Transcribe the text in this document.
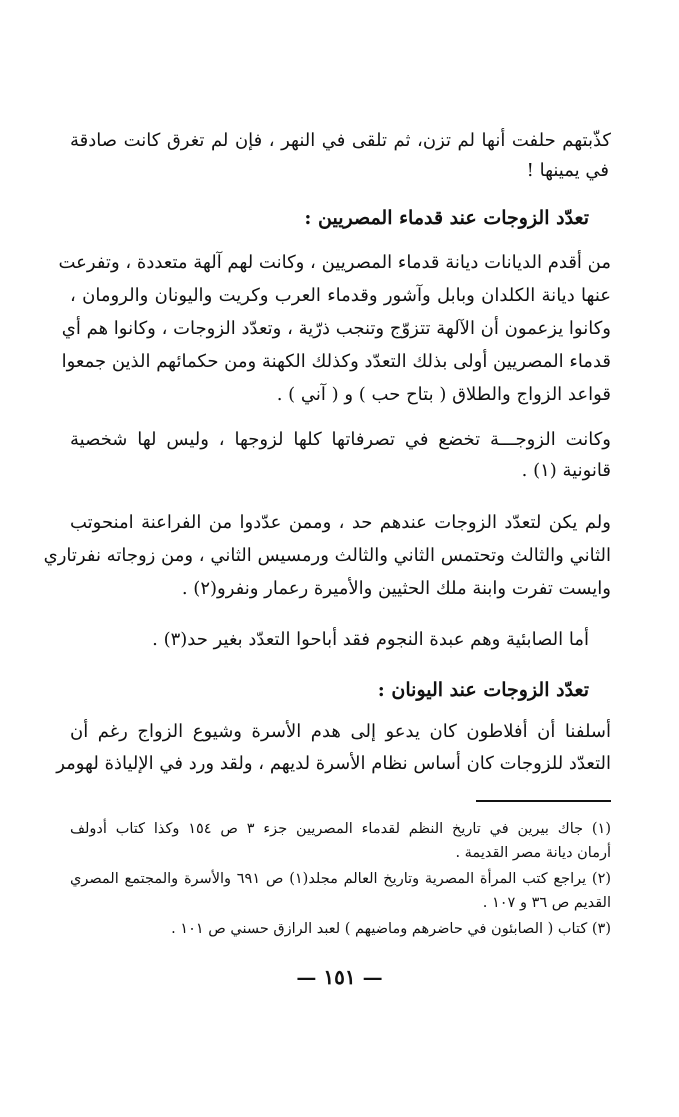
كذّبتهم حلفت أنها لم تزن، ثم تلقى في النهر ، فإن لم تغرق كانت صادقة
في يمينها !
تعدّد الزوجات عند قدماء المصريين :
من أقدم الديانات ديانة قدماء المصريين ، وكانت لهم آلهة متعددة ، وتفرعت
عنها ديانة الكلدان وبابل وآشور وقدماء العرب وكريت واليونان والرومان ،
وكانوا يزعمون أن الآلهة تتزوّج وتنجب ذرّية ، وتعدّد الزوجات ، وكانوا هم أي
قدماء المصريين أولى بذلك التعدّد وكذلك الكهنة ومن حكمائهم الذين جمعوا
قواعد الزواج والطلاق ( بتاح حب ) و ( آني ) .
وكانت الزوجـــة تخضع في تصرفاتها كلها لزوجها ، وليس لها شخصية
قانونية (١) .
ولم يكن لتعدّد الزوجات عندهم حد ، وممن عدّدوا من الفراعنة امنحوتب
الثاني والثالث وتحتمس الثاني والثالث ورمسيس الثاني ، ومن زوجاته نفرتاري
وايست تفرت وابنة ملك الحثيين والأميرة رعمار ونفرو(٢) .
أما الصابئية وهم عبدة النجوم فقد أباحوا التعدّد بغير حد(٣) .
تعدّد الزوجات عند اليونان :
أسلفنا أن أفلاطون كان يدعو إلى هدم الأسرة وشيوع الزواج رغم أن
التعدّد للزوجات كان أساس نظام الأسرة لديهم ، ولقد ورد في الإلياذة لهومر
(١) جاك بيرين في تاريخ النظم لقدماء المصريين جزء ٣ ص ١٥٤ وكذا كتاب أدولف
أرمان ديانة مصر القديمة .
(٢) يراجع كتب المرأة المصرية وتاريخ العالم مجلد(١) ص ٦٩١ والأسرة والمجتمع المصري
القديم ص ٣٦ و ١٠٧ .
(٣) كتاب ( الصابئون في حاضرهم وماضيهم ) لعبد الرازق حسني ص ١٠١ .
— ١٥١ —
